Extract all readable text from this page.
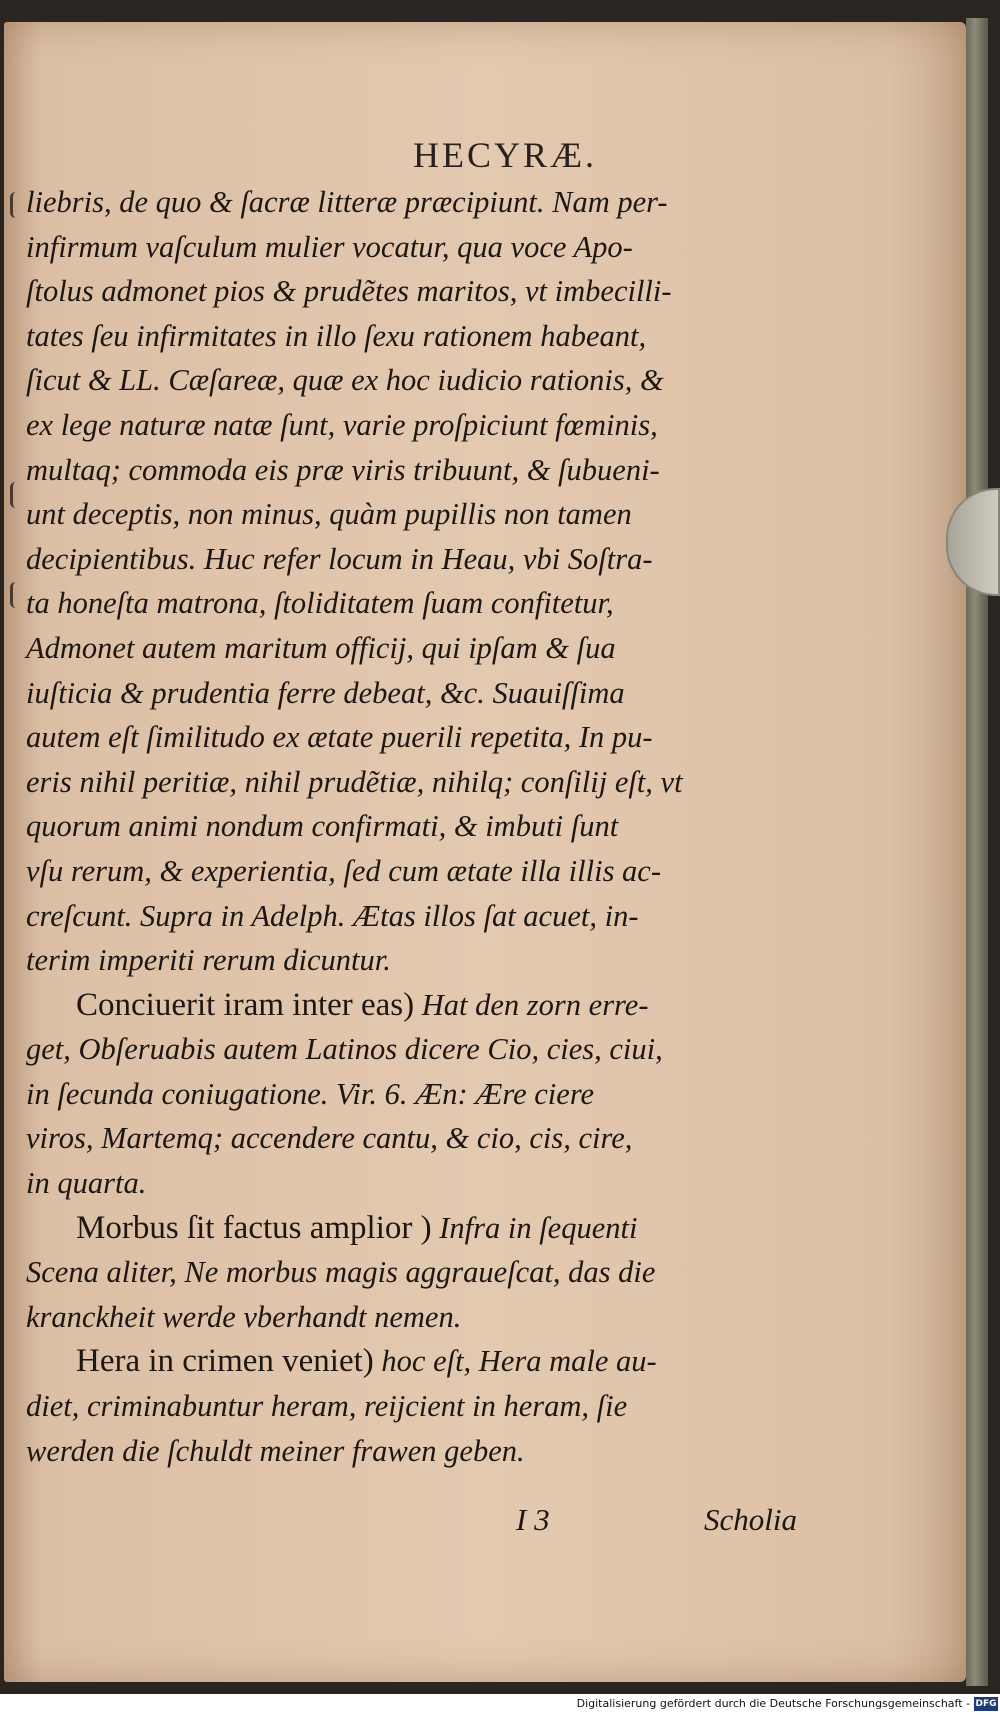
HECYRÆ.
liebris, de quo & ſacræ litteræ præcipiunt. Nam per-
infirmum vaſculum mulier vocatur, qua voce Apo-
ſtolus admonet pios & prudẽtes maritos, vt imbecilli-
tates ſeu infirmitates in illo ſexu rationem habeant,
ſicut & LL. Cæſareæ, quæ ex hoc iudicio rationis, &
ex lege naturæ natæ ſunt, varie proſpiciunt fœminis,
multaq; commoda eis præ viris tribuunt, & ſubueni-
unt deceptis, non minus, quàm pupillis non tamen
decipientibus. Huc refer locum in Heau, vbi Soſtra-
ta honeſta matrona, ſtoliditatem ſuam confitetur,
Admonet autem maritum officij, qui ipſam & ſua
iuſticia & prudentia ferre debeat, &c. Suauiſſima
autem eſt ſimilitudo ex ætate puerili repetita, In pu-
eris nihil peritiæ, nihil prudẽtiæ, nihilq; conſilij eſt, vt
quorum animi nondum confirmati, & imbuti ſunt
vſu rerum, & experientia, ſed cum ætate illa illis ac-
creſcunt. Supra in Adelph. Ætas illos ſat acuet, in-
terim imperiti rerum dicuntur.
Conciuerit iram inter eas) Hat den zorn erre-
get, Obſeruabis autem Latinos dicere Cio, cies, ciui,
in ſecunda coniugatione. Vir. 6. Æn: Ære ciere
viros, Martemq; accendere cantu, & cio, cis, cire,
in quarta.
Morbus ſit factus amplior ) Infra in ſequenti
Scena aliter, Ne morbus magis aggraueſcat, das die
kranckheit werde vberhandt nemen.
Hera in crimen veniet) hoc eſt, Hera male au-
diet, criminabuntur heram, reijcient in heram, ſie
werden die ſchuldt meiner frawen geben.
I 3	Scholia
Digitalisierung gefördert durch die Deutsche Forschungsgemeinschaft - DFG
